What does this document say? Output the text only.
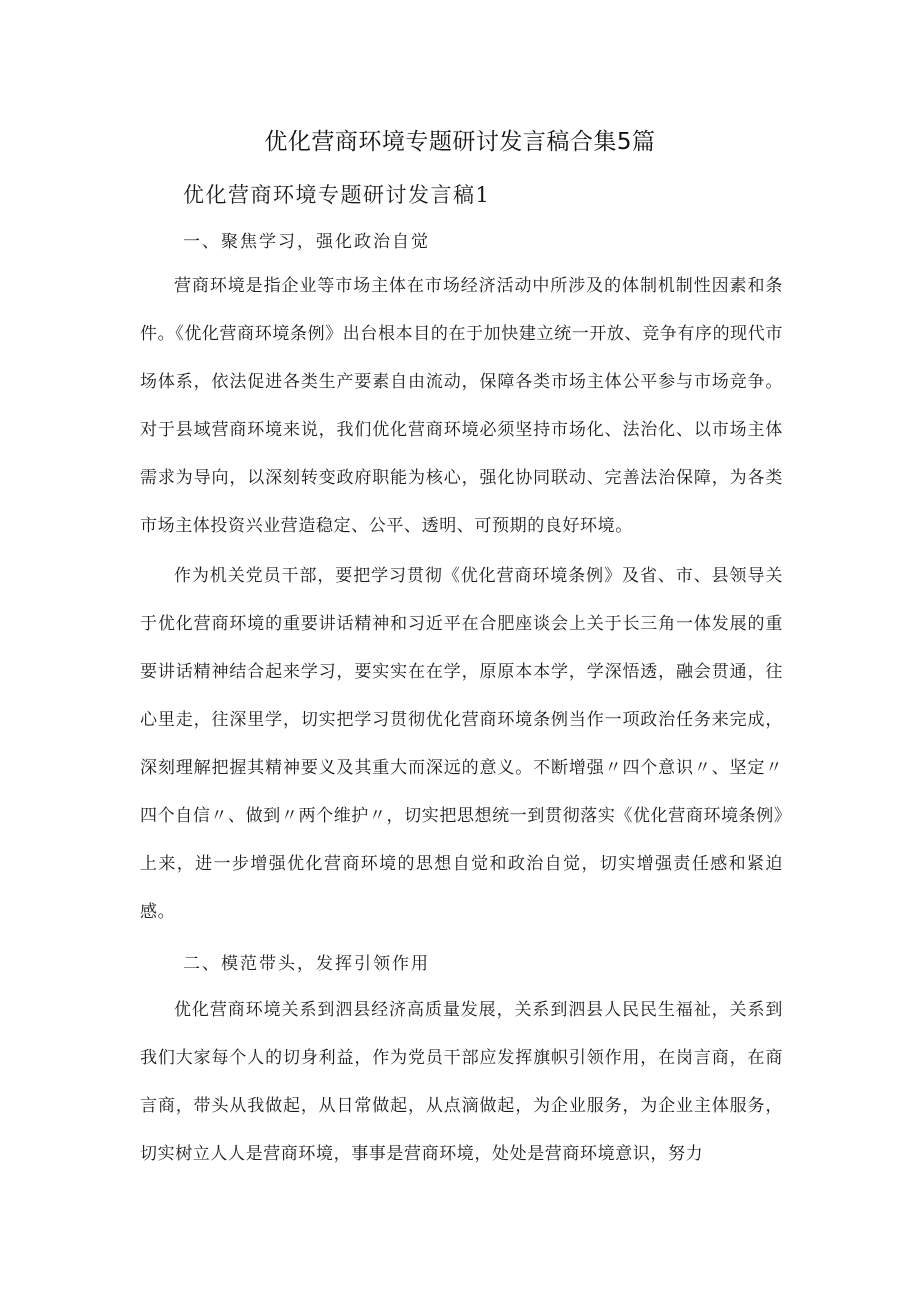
优化营商环境专题研讨发言稿合集5篇
优化营商环境专题研讨发言稿1

一、聚焦学习，强化政治自觉

营商环境是指企业等市场主体在市场经济活动中所涉及的体制机制性因素和条件。《优化营商环境条例》出台根本目的在于加快建立统一开放、竞争有序的现代市场体系，依法促进各类生产要素自由流动，保障各类市场主体公平参与市场竞争。对于县域营商环境来说，我们优化营商环境必须坚持市场化、法治化、以市场主体需求为导向，以深刻转变政府职能为核心，强化协同联动、完善法治保障，为各类市场主体投资兴业营造稳定、公平、透明、可预期的良好环境。

作为机关党员干部，要把学习贯彻《优化营商环境条例》及省、市、县领导关于优化营商环境的重要讲话精神和习近平在合肥座谈会上关于长三角一体发展的重要讲话精神结合起来学习，要实实在在学，原原本本学，学深悟透，融会贯通，往心里走，往深里学，切实把学习贯彻优化营商环境条例当作一项政治任务来完成，深刻理解把握其精神要义及其重大而深远的意义。不断增强〃四个意识〃、坚定〃四个自信〃、做到〃两个维护〃，切实把思想统一到贯彻落实《优化营商环境条例》上来，进一步增强优化营商环境的思想自觉和政治自觉，切实增强责任感和紧迫感。

二、模范带头，发挥引领作用

优化营商环境关系到泗县经济高质量发展，关系到泗县人民民生福祉，关系到我们大家每个人的切身利益，作为党员干部应发挥旗帜引领作用，在岗言商，在商言商，带头从我做起，从日常做起，从点滴做起，为企业服务，为企业主体服务，切实树立人人是营商环境，事事是营商环境，处处是营商环境意识，努力
